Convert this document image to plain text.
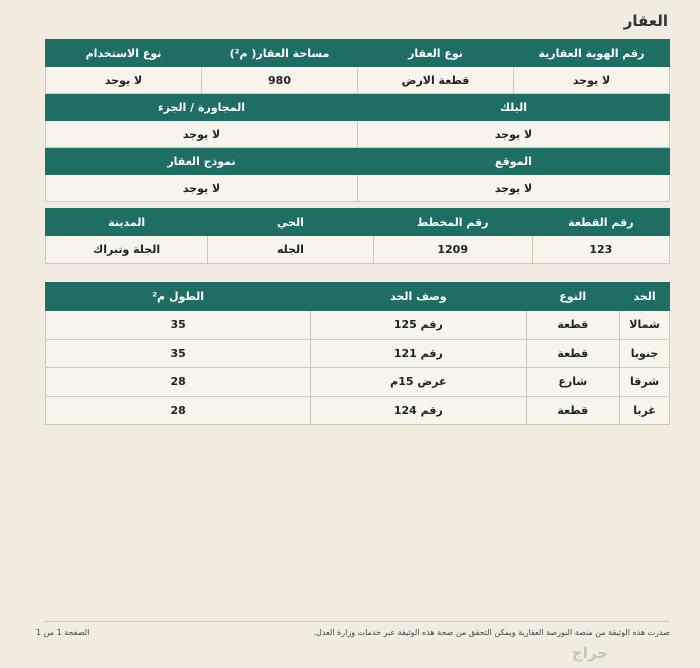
العقار
رقم الهوية العقارية	نوع العقار	مساحة العقار( م²)	نوع الاستخدام
لا يوجد	قطعة الارض	980	لا يوجد
البلك		المجاورة / الجزء	
لا يوجد		لا يوجد	
الموقع		نموذج العقار	
لا يوجد		لا يوجد	
رقم القطعة	رقم المخطط	الحي	المدينة
123	1209	الجله	الجلة وتبراك
الحد	النوع	وصف الحد	الطول م²
شمالا	قطعة	رقم 125	35
جنوبا	قطعة	رقم 121	35
شرقا	شارع	عرض 15م	28
غربا	قطعة	رقم 124	28
صدرت هذه الوثيقة من منصة البورصة العقارية ويمكن التحقق من صحة هذه الوثيقة عبر خدمات وزارة العدل.
الصفحة 1 من 1
حراج
